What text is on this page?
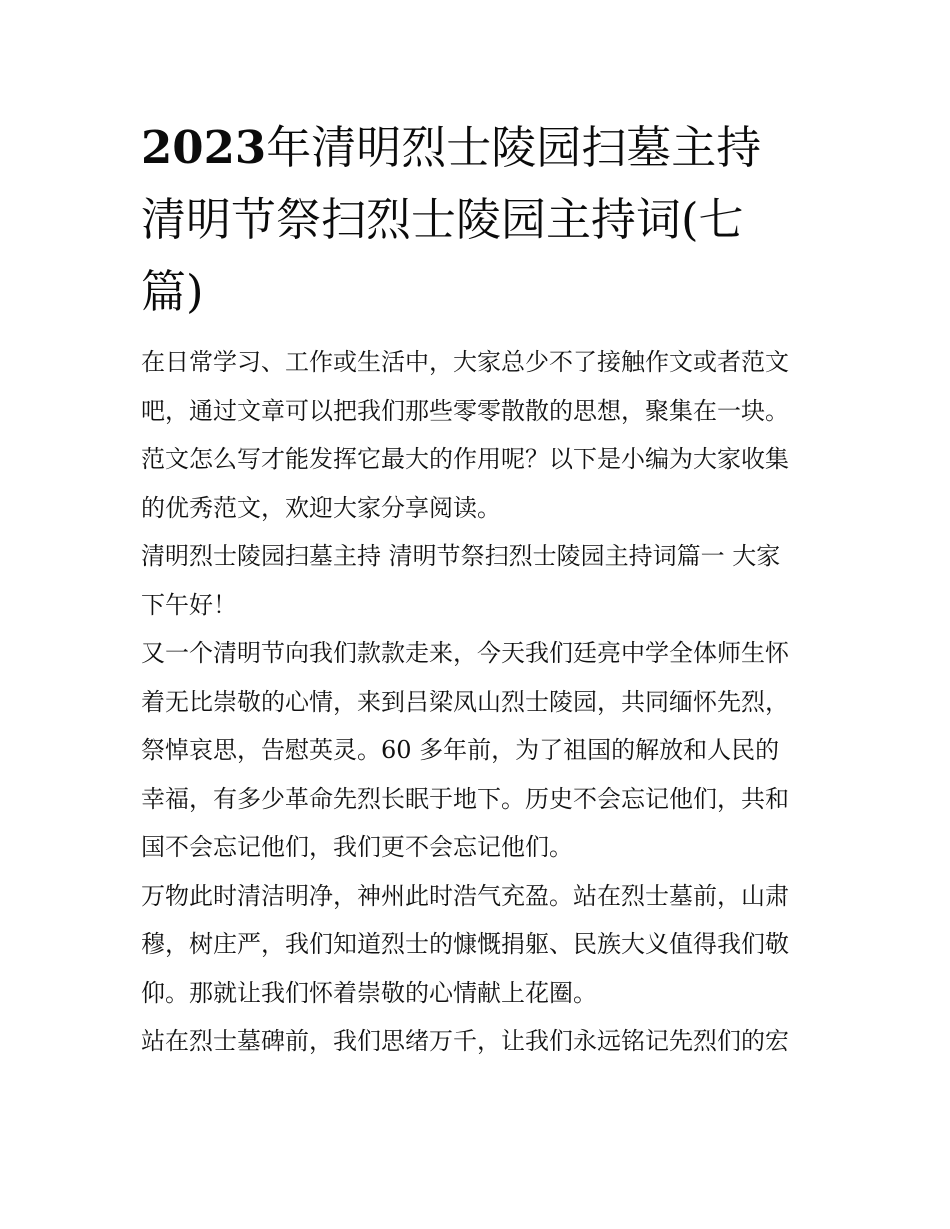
2023年清明烈士陵园扫墓主持
清明节祭扫烈士陵园主持词(七
篇)

在日常学习、工作或生活中，大家总少不了接触作文或者范文
吧，通过文章可以把我们那些零零散散的思想，聚集在一块。
范文怎么写才能发挥它最大的作用呢？以下是小编为大家收集
的优秀范文，欢迎大家分享阅读。

清明烈士陵园扫墓主持 清明节祭扫烈士陵园主持词篇一 大家
下午好！

又一个清明节向我们款款走来，今天我们廷亮中学全体师生怀
着无比崇敬的心情，来到吕梁凤山烈士陵园，共同缅怀先烈，
祭悼哀思，告慰英灵。60 多年前，为了祖国的解放和人民的
幸福，有多少革命先烈长眠于地下。历史不会忘记他们，共和
国不会忘记他们，我们更不会忘记他们。

万物此时清洁明净，神州此时浩气充盈。站在烈士墓前，山肃
穆，树庄严，我们知道烈士的慷慨捐躯、民族大义值得我们敬
仰。那就让我们怀着崇敬的心情献上花圈。

站在烈士墓碑前，我们思绪万千，让我们永远铭记先烈们的宏
